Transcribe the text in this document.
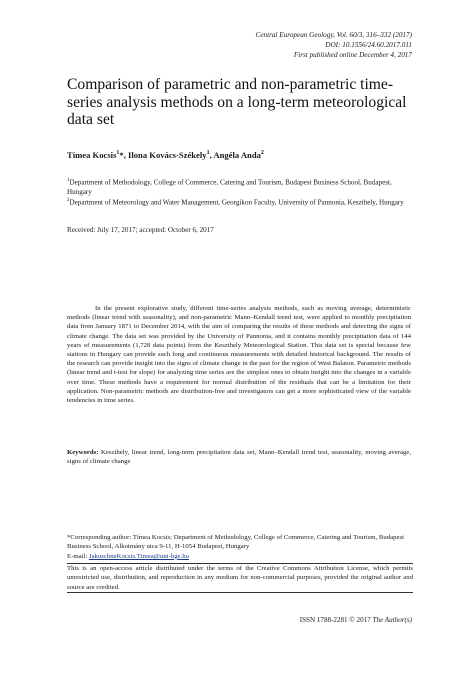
Central European Geology, Vol. 60/3, 316–332 (2017)
DOI: 10.1556/24.60.2017.011
First published online December 4, 2017
Comparison of parametric and non-parametric time-series analysis methods on a long-term meteorological data set
Tímea Kocsis$^1$*, Ilona Kovács-Székely$^1$, Angéla Anda$^2$
$^1$Department of Methodology, College of Commerce, Catering and Tourism, Budapest Business School, Budapest, Hungary
$^2$Department of Meteorology and Water Management, Georgikon Faculty, University of Pannonia, Keszthely, Hungary
Received: July 17, 2017; accepted: October 6, 2017
In the present explorative study, different time-series analysis methods, such as moving average, deterministic methods (linear trend with seasonality), and non-parametric Mann–Kendall trend test, were applied to monthly precipitation data from January 1871 to December 2014, with the aim of comparing the results of these methods and detecting the signs of climate change. The data set was provided by the University of Pannonia, and it contains monthly precipitation data of 144 years of measurements (1,728 data points) from the Keszthely Meteorological Station. This data set is special because few stations in Hungary can provide such long and continuous measurements with detailed historical background. The results of the research can provide insight into the signs of climate change in the past for the region of West Balaton. Parametric methods (linear trend and t-test for slope) for analyzing time series are the simplest ones to obtain insight into the changes in a variable over time. These methods have a requirement for normal distribution of the residuals that can be a limitation for their application. Non-parametric methods are distribution-free and investigators can get a more sophisticated view of the variable tendencies in time series.
Keywords: Keszthely, linear trend, long-term precipitation data set, Mann–Kendall trend test, seasonality, moving average, signs of climate change
*Corresponding author: Tímea Kocsis; Department of Methodology, College of Commerce, Catering and Tourism, Budapest Business School, Alkotmány utca 9-11, H-1054 Budapest, Hungary
E-mail: JakuschneKocsis.Timea@uni-bge.hu
This is an open-access article distributed under the terms of the Creative Commons Attribution License, which permits unrestricted use, distribution, and reproduction in any medium for non-commercial purposes, provided the original author and source are credited.
ISSN 1788-2281 © 2017 The Author(s)
